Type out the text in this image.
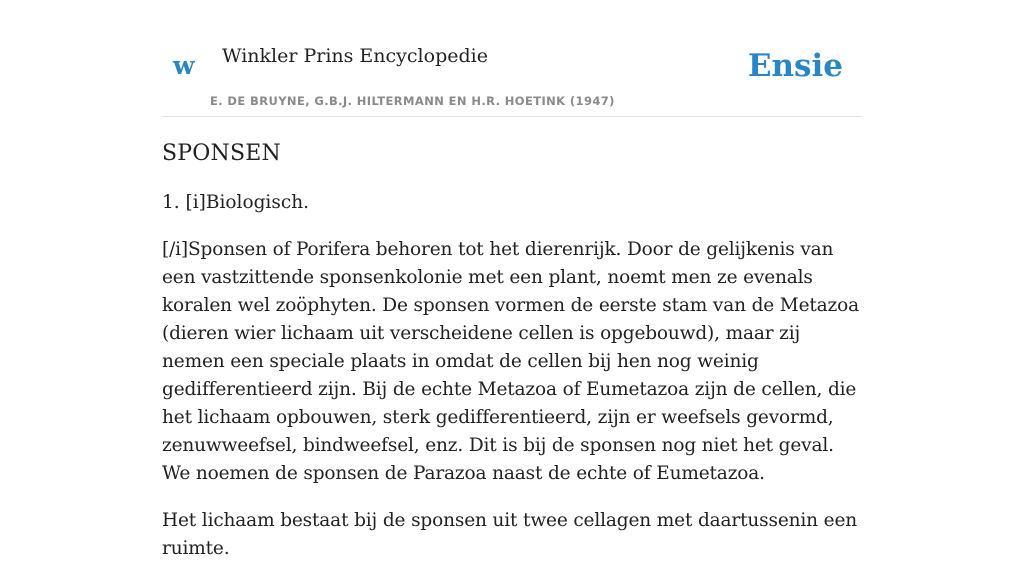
w Winkler Prins Encyclopedie
E. DE BRUYNE, G.B.J. HILTERMANN EN H.R. HOETINK (1947)
Ensie
SPONSEN

1. [i]Biologisch.

[/i]Sponsen of Porifera behoren tot het dierenrijk. Door de gelijkenis van een vastzittende sponsenkolonie met een plant, noemt men ze evenals koralen wel zoöphyten. De sponsen vormen de eerste stam van de Metazoa (dieren wier lichaam uit verscheidene cellen is opgebouwd), maar zij nemen een speciale plaats in omdat de cellen bij hen nog weinig gedifferentieerd zijn. Bij de echte Metazoa of Eumetazoa zijn de cellen, die het lichaam opbouwen, sterk gedifferentieerd, zijn er weefsels gevormd, zenuwweefsel, bindweefsel, enz. Dit is bij de sponsen nog niet het geval. We noemen de sponsen de Parazoa naast de echte of Eumetazoa.

Het lichaam bestaat bij de sponsen uit twee cellagen met daartussenin een ruimte.
